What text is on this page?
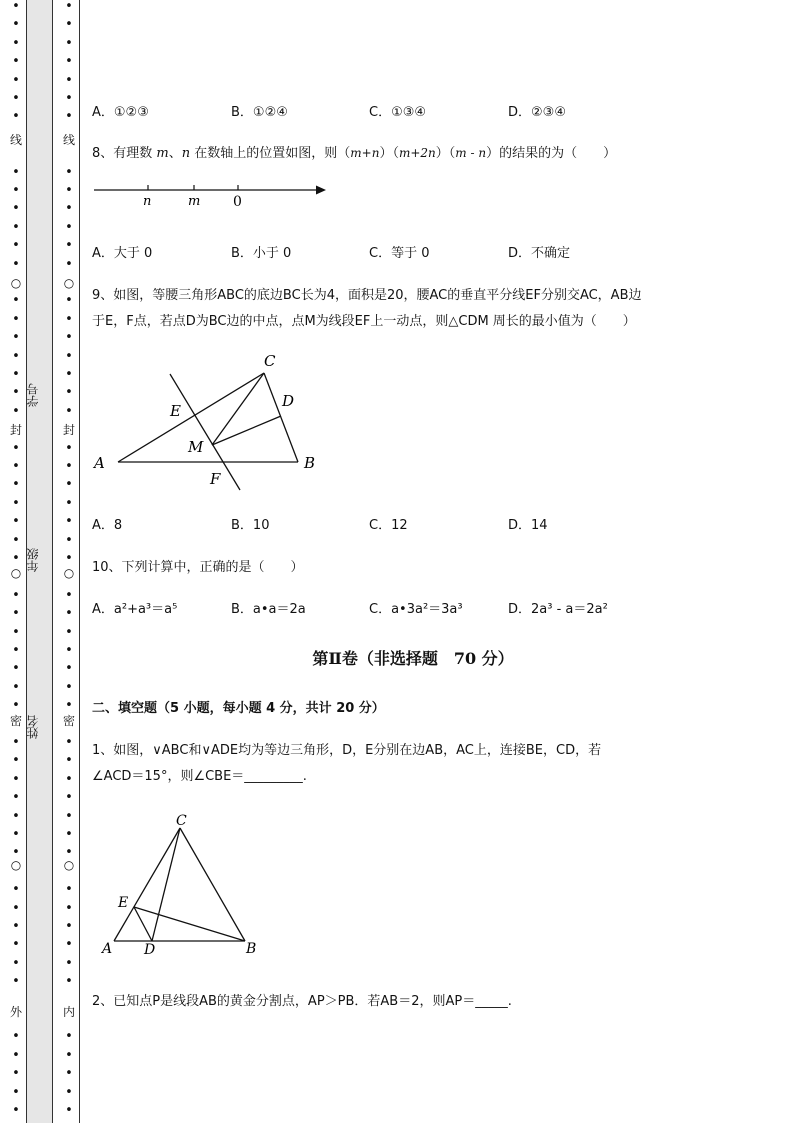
•
•
•
•
•
•
•
•
•
•
•
•
•
•
•
•
•
•
•
•
•
•
•
•
•
•
•
•
•
•
•
•
•
•
•
•
•
•
•
•
•
•
•
•
•
•
•
•
•
•
•
•
○
○
○
•
•
•
•
•
•
•
•
•
•
•
•
•
•
•
•
•
•
•
•
•
•
•
•
•
•
•
•
•
•
•
•
•
•
•
•
•
•
•
•
•
•
•
•
•
•
•
•
•
•
•
•
○
○
○
线
封
密
外
线
封
密
内
学号
年级
姓名
A．①②③	B．①②④	C．①③④	D．②③④
8、有理数 m、n 在数轴上的位置如图，则（m+n）（m+2n）（m - n）的结果的为（　　）
n	m 0
A．大于 0	B．小于 0	C．等于 0	D．不确定
9、如图，等腰三角形ABC的底边BC长为4，面积是20，腰AC的垂直平分线EF分别交AC，AB边
于E，F点，若点D为BC边的中点，点M为线段EF上一动点，则△CDM 周长的最小值为（　　）
C
D
E
M
A	B
F
A．8	B．10	C．12	D．14
10、下列计算中，正确的是（　　）
A．a²+a³＝a⁵	B．a•a＝2a	C．a•3a²＝3a³	D．2a³ - a＝2a²
第Ⅱ卷（非选择题　70 分）
二、填空题（5 小题，每小题 4 分，共计 20 分）
1、如图，∨ABC和∨ADE均为等边三角形，D，E分别在边AB，AC上，连接BE，CD，若
∠ACD＝15°，则∠CBE＝_________.
C
E
A D	B
2、已知点P是线段AB的黄金分割点，AP＞PB．若AB＝2，则AP＝_____.
